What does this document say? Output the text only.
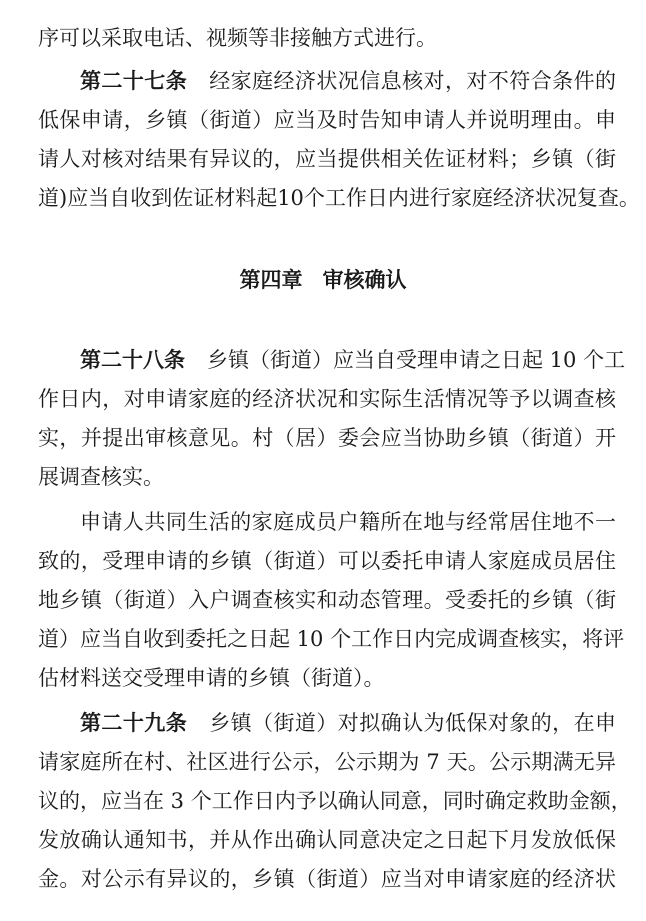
序可以采取电话、视频等非接触方式进行。
第二十七条 经家庭经济状况信息核对，对不符合条件的
低保申请，乡镇（街道）应当及时告知申请人并说明理由。申
请人对核对结果有异议的，应当提供相关佐证材料；乡镇（街
道)应当自收到佐证材料起10个工作日内进行家庭经济状况复查。
第四章 审核确认
第二十八条 乡镇（街道）应当自受理申请之日起 10 个工
作日内，对申请家庭的经济状况和实际生活情况等予以调查核
实，并提出审核意见。村（居）委会应当协助乡镇（街道）开
展调查核实。
申请人共同生活的家庭成员户籍所在地与经常居住地不一
致的，受理申请的乡镇（街道）可以委托申请人家庭成员居住
地乡镇（街道）入户调查核实和动态管理。受委托的乡镇（街
道）应当自收到委托之日起 10 个工作日内完成调查核实，将评
估材料送交受理申请的乡镇（街道）。
第二十九条 乡镇（街道）对拟确认为低保对象的，在申
请家庭所在村、社区进行公示，公示期为 7 天。公示期满无异
议的，应当在 3 个工作日内予以确认同意，同时确定救助金额，
发放确认通知书，并从作出确认同意决定之日起下月发放低保
金。对公示有异议的，乡镇（街道）应当对申请家庭的经济状
